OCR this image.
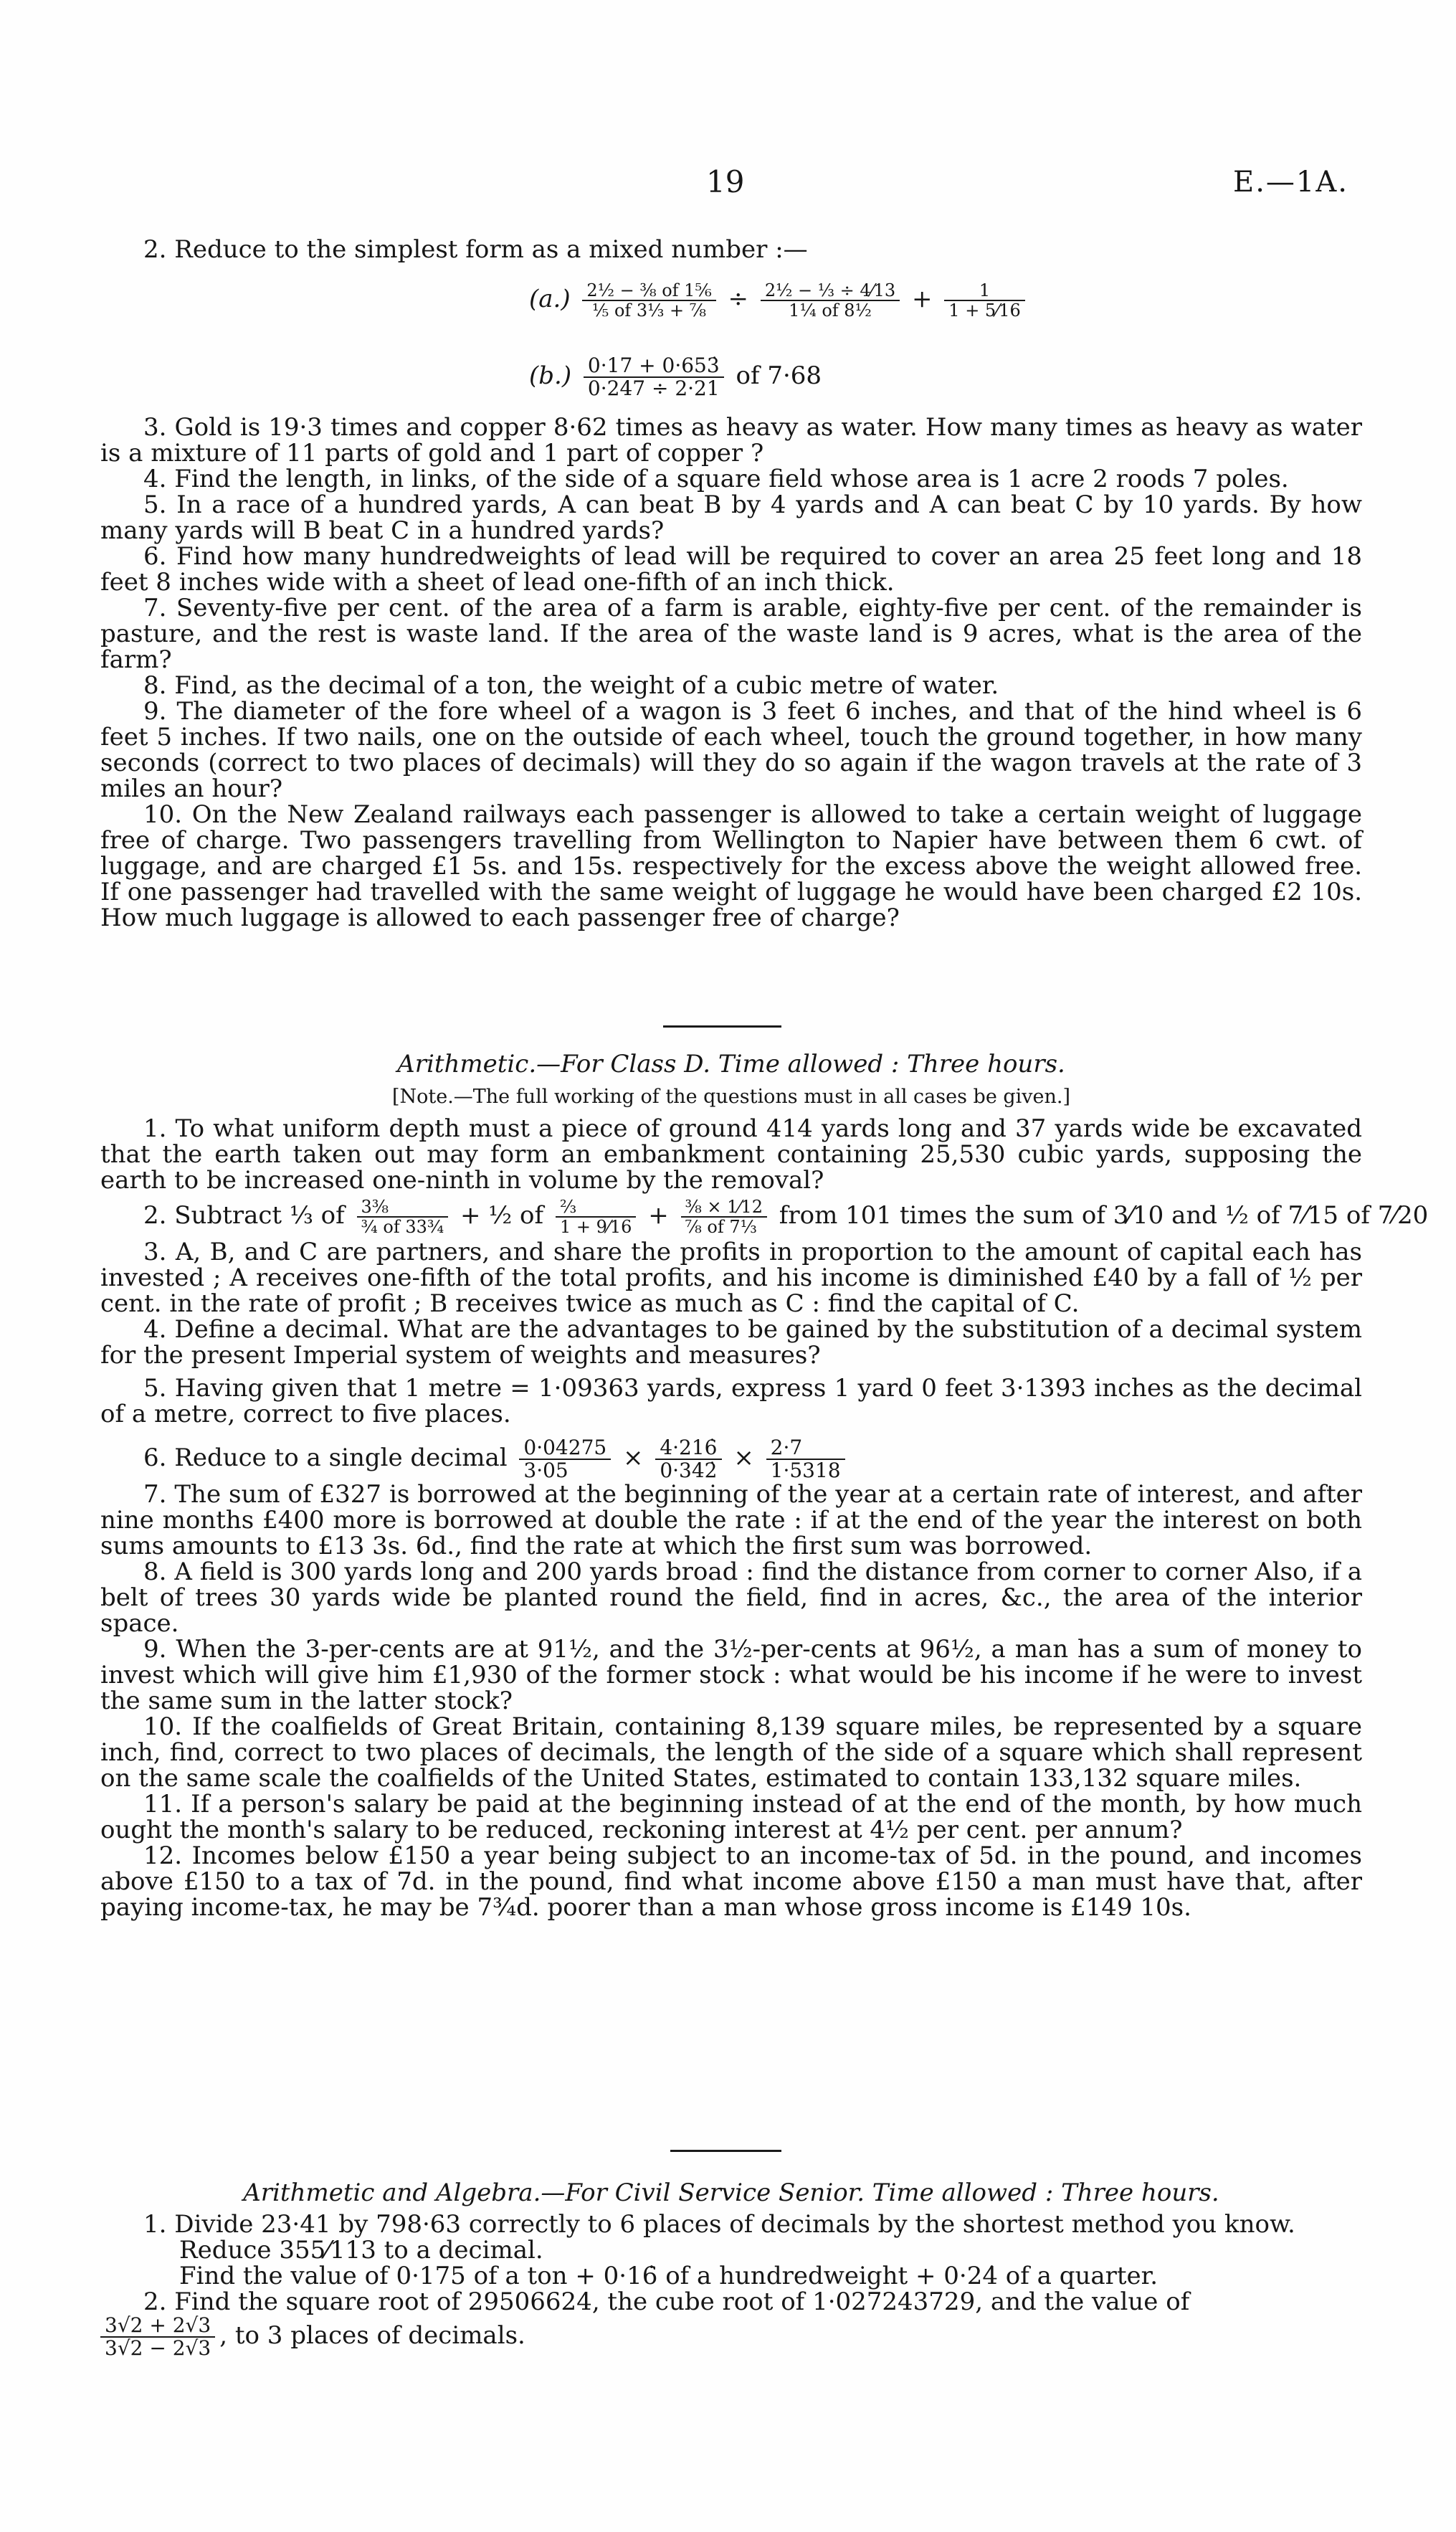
19	E.—1A.

2. Reduce to the simplest form as a mixed number :—

$(a.) \frac{\text{2½ − ⅜ of 1⅚}}{\text{⅕ of 3⅓ + ⅞}} \div \frac{\text{2½ − ⅓ ÷ 4⁄13}}{\text{1¼ of 8½}} + \frac{1}{1 + 5⁄16}$
$(b.) \frac{0\cdot 17 + 0\cdot 653̇}{0\cdot 247 \div 2\cdot 21}$ of 7·68

3. Gold is 19·3 times and copper 8·62 times as heavy as water. How many times as heavy as water is a mixture of 11 parts of gold and 1 part of copper ?

4. Find the length, in links, of the side of a square field whose area is 1 acre 2 roods 7 poles.

5. In a race of a hundred yards, A can beat B by 4 yards and A can beat C by 10 yards. By how many yards will B beat C in a hundred yards?

6. Find how many hundredweights of lead will be required to cover an area 25 feet long and 18 feet 8 inches wide with a sheet of lead one-fifth of an inch thick.

7. Seventy-five per cent. of the area of a farm is arable, eighty-five per cent. of the remainder is pasture, and the rest is waste land. If the area of the waste land is 9 acres, what is the area of the farm?

8. Find, as the decimal of a ton, the weight of a cubic metre of water.

9. The diameter of the fore wheel of a wagon is 3 feet 6 inches, and that of the hind wheel is 6 feet 5 inches. If two nails, one on the outside of each wheel, touch the ground together, in how many seconds (correct to two places of decimals) will they do so again if the wagon travels at the rate of 3 miles an hour?

10. On the New Zealand railways each passenger is allowed to take a certain weight of luggage free of charge. Two passengers travelling from Wellington to Napier have between them 6 cwt. of luggage, and are charged £1 5s. and 15s. respectively for the excess above the weight allowed free. If one passenger had travelled with the same weight of luggage he would have been charged £2 10s. How much luggage is allowed to each passenger free of charge?

Arithmetic.—For Class D. Time allowed : Three hours.

[Note.—The full working of the questions must in all cases be given.]

1. To what uniform depth must a piece of ground 414 yards long and 37 yards wide be excavated that the earth taken out may form an embankment containing 25,530 cubic yards, supposing the earth to be increased one-ninth in volume by the removal?

2. Subtract ⅓ of $\frac{\text{3⅜}}{\text{¾ of 33¾}}$ + ½ of $\frac{\text{⅔}}{1 + 9⁄16} + \frac{\text{⅜ × 1⁄12}}{\text{⅞ of 7⅓}}$ from 101 times the sum of 3⁄10 and ½ of 7⁄15 of 7⁄20

3. A, B, and C are partners, and share the profits in proportion to the amount of capital each has invested ; A receives one-fifth of the total profits, and his income is diminished £40 by a fall of ½ per cent. in the rate of profit ; B receives twice as much as C : find the capital of C.

4. Define a decimal. What are the advantages to be gained by the substitution of a decimal system for the present Imperial system of weights and measures?

5. Having given that 1 metre = 1·09363 yards, express 1 yard 0 feet 3·1393 inches as the decimal of a metre, correct to five places.

6. Reduce to a single decimal $\frac{0\cdot 04275}{3\cdot 05} \times \frac{4\cdot 216̇}{0\cdot 342̇} \times \frac{2\cdot 7}{1\cdot 5318}$

7. The sum of £327 is borrowed at the beginning of the year at a certain rate of interest, and after nine months £400 more is borrowed at double the rate : if at the end of the year the interest on both sums amounts to £13 3s. 6d., find the rate at which the first sum was borrowed.

8. A field is 300 yards long and 200 yards broad : find the distance from corner to corner Also, if a belt of trees 30 yards wide be planted round the field, find in acres, &c., the area of the interior space.

9. When the 3-per-cents are at 91½, and the 3½-per-cents at 96½, a man has a sum of money to invest which will give him £1,930 of the former stock : what would be his income if he were to invest the same sum in the latter stock?

10. If the coalfields of Great Britain, containing 8,139 square miles, be represented by a square inch, find, correct to two places of decimals, the length of the side of a square which shall represent on the same scale the coalfields of the United States, estimated to contain 133,132 square miles.

11. If a person's salary be paid at the beginning instead of at the end of the month, by how much ought the month's salary to be reduced, reckoning interest at 4½ per cent. per annum?

12. Incomes below £150 a year being subject to an income-tax of 5d. in the pound, and incomes above £150 to a tax of 7d. in the pound, find what income above £150 a man must have that, after paying income-tax, he may be 7¾d. poorer than a man whose gross income is £149 10s.

Arithmetic and Algebra.—For Civil Service Senior. Time allowed : Three hours.

1. Divide 23·41 by 798·63 correctly to 6 places of decimals by the shortest method you know.

Reduce 355⁄113 to a decimal.

Find the value of 0·175 of a ton + 0·16̇ of a hundredweight + 0·24̇ of a quarter.

2. Find the square root of 29506624, the cube root of 1·027243729, and the value of

$\frac{3√2 + 2√3}{3√2 - 2√3}$ , to 3 places of decimals.
